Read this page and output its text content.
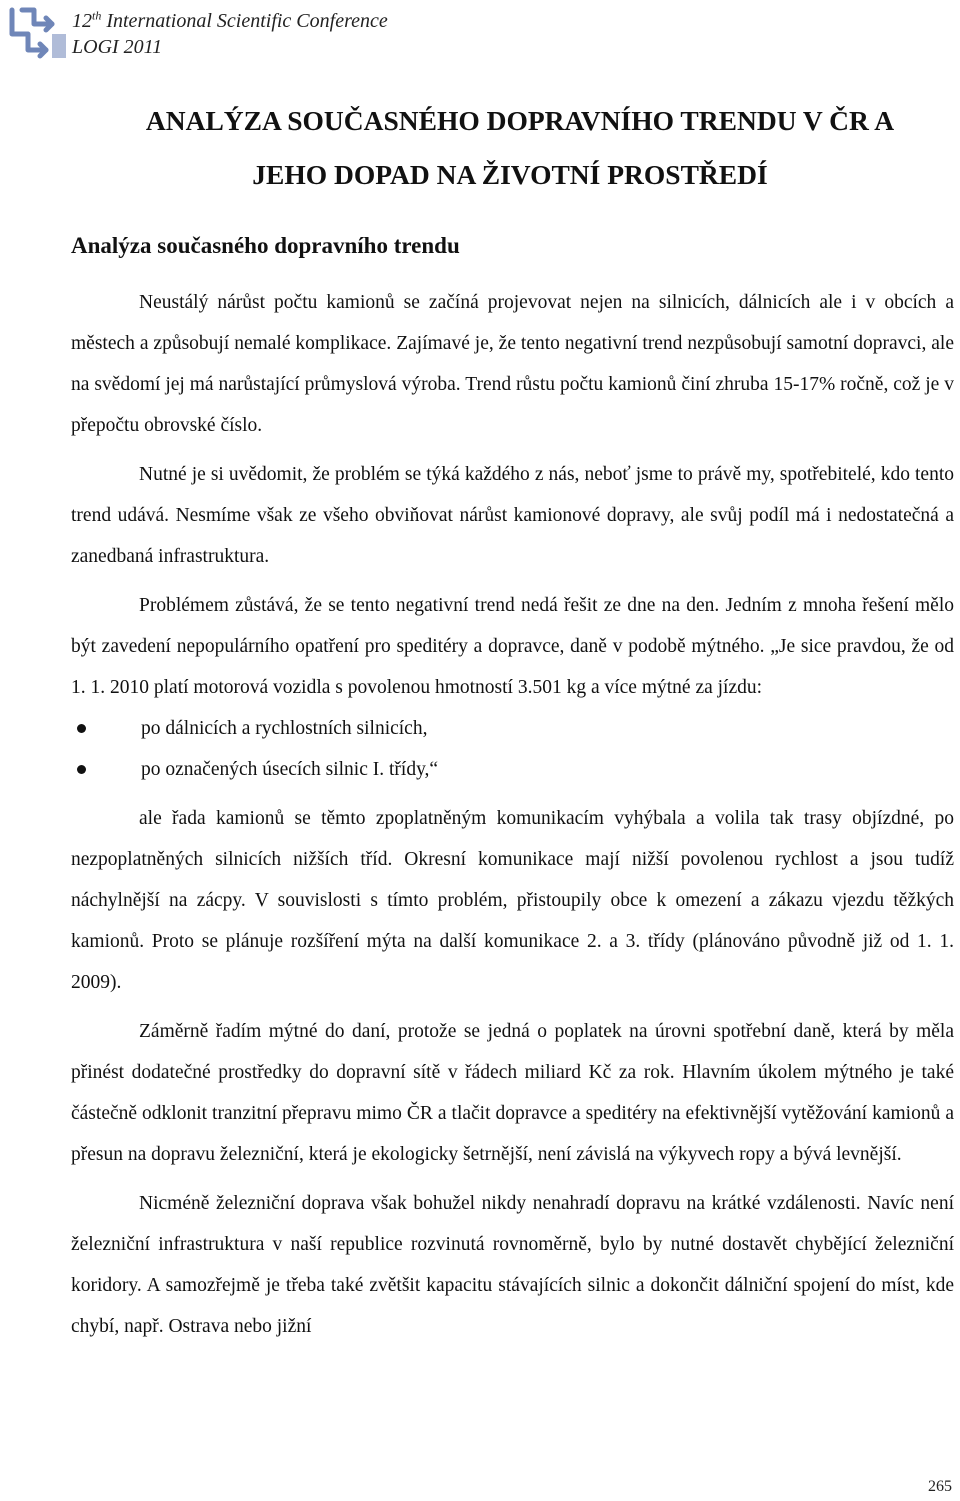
12th International Scientific Conference
LOGI 2011
ANALÝZA SOUČASNÉHO DOPRAVNÍHO TRENDU V ČR A
JEHO DOPAD NA ŽIVOTNÍ PROSTŘEDÍ
Analýza současného dopravního trendu

Neustálý nárůst počtu kamionů se začíná projevovat nejen na silnicích, dálnicích ale i v obcích a městech a způsobují nemalé komplikace. Zajímavé je, že tento negativní trend nezpůsobují samotní dopravci, ale na svědomí jej má narůstající průmyslová výroba. Trend růstu počtu kamionů činí zhruba 15-17% ročně, což je v přepočtu obrovské číslo.

Nutné je si uvědomit, že problém se týká každého z nás, neboť jsme to právě my, spotřebitelé, kdo tento trend udává. Nesmíme však ze všeho obviňovat nárůst kamionové dopravy, ale svůj podíl má i nedostatečná a zanedbaná infrastruktura.

Problémem zůstává, že se tento negativní trend nedá řešit ze dne na den. Jedním z mnoha řešení mělo být zavedení nepopulárního opatření pro speditéry a dopravce, daně v podobě mýtného. „Je sice pravdou, že od 1. 1. 2010 platí motorová vozidla s povolenou hmotností 3.501 kg a více mýtné za jízdu:

po dálnicích a rychlostních silnicích,
po označených úsecích silnic I. třídy,“

ale řada kamionů se těmto zpoplatněným komunikacím vyhýbala a volila tak trasy objízdné, po nezpoplatněných silnicích nižších tříd. Okresní komunikace mají nižší povolenou rychlost a jsou tudíž náchylnější na zácpy. V souvislosti s tímto problém, přistoupily obce k omezení a zákazu vjezdu těžkých kamionů. Proto se plánuje rozšíření mýta na další komunikace 2. a 3. třídy (plánováno původně již od 1. 1. 2009).

Záměrně řadím mýtné do daní, protože se jedná o poplatek na úrovni spotřební daně, která by měla přinést dodatečné prostředky do dopravní sítě v řádech miliard Kč za rok. Hlavním úkolem mýtného je také částečně odklonit tranzitní přepravu mimo ČR a tlačit dopravce a speditéry na efektivnější vytěžování kamionů a přesun na dopravu železniční, která je ekologicky šetrnější, není závislá na výkyvech ropy a bývá levnější.

Nicméně železniční doprava však bohužel nikdy nenahradí dopravu na krátké vzdálenosti. Navíc není železniční infrastruktura v naší republice rozvinutá rovnoměrně, bylo by nutné dostavět chybějící železniční koridory. A samozřejmě je třeba také zvětšit kapacitu stávajících silnic a dokončit dálniční spojení do míst, kde chybí, např. Ostrava nebo jižní

265
